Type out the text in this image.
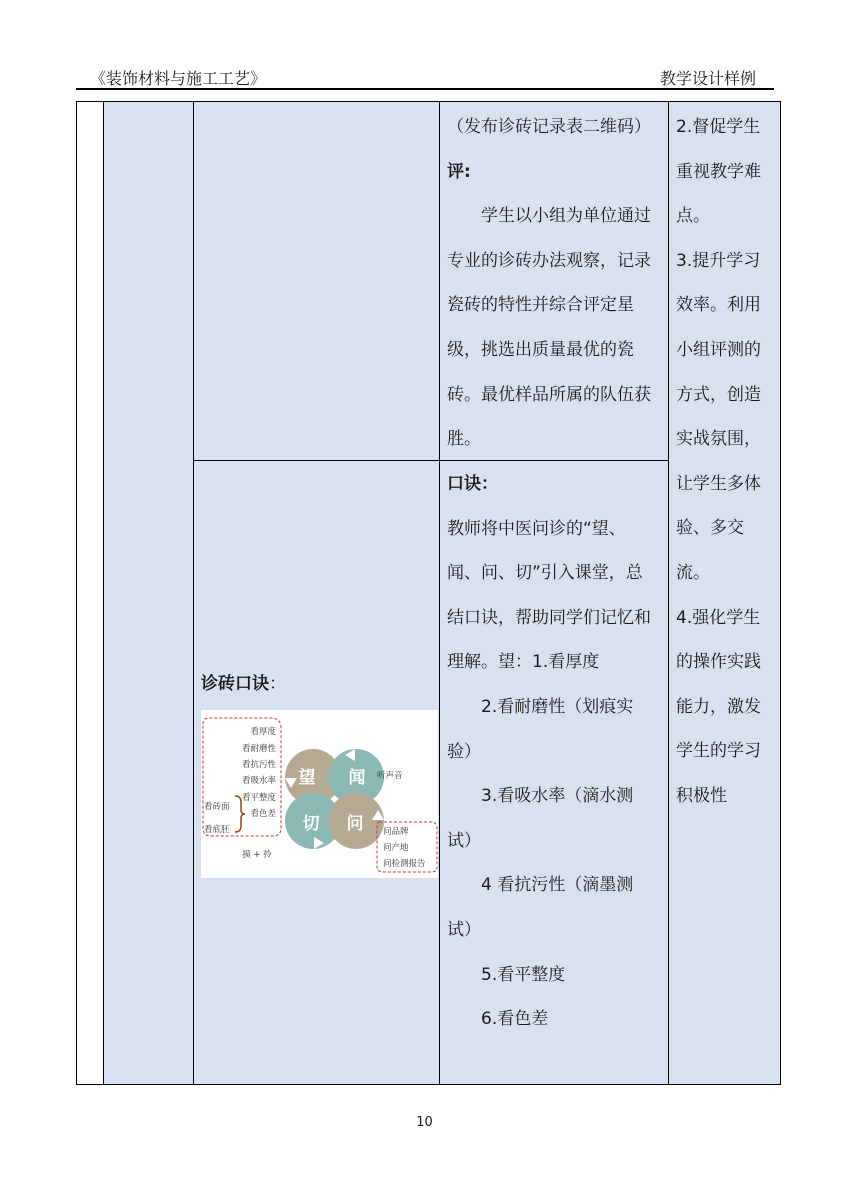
《装饰材料与施工工艺》	教学设计样例
（发布诊砖记录表二维码）
评:
学生以小组为单位通过
专业的诊砖办法观察，记录
瓷砖的特性并综合评定星
级，挑选出质量最优的瓷
砖。最优样品所属的队伍获
胜。
2.督促学生
重视教学难
点。
3.提升学习
效率。利用
小组评测的
方式，创造
实战氛围，
让学生多体
验、多交
流。
4.强化学生
的操作实践
能力，激发
学生的学习
积极性
口诀：
教师将中医问诊的“望、
闻、问、切”引入课堂，总
结口诀，帮助同学们记忆和
理解。望：1.看厚度
2.看耐磨性（划痕实
验）
3.看吸水率（滴水测
试）
4 看抗污性（滴墨测
试）
5.看平整度
6.看色差
诊砖口诀：
看厚度
看耐磨性
看抗污性
看吸水率
看平整度
看色差
看砖面
看底胚
摸 + 拎
望 闻
切 问
听声音
问品牌
问产地
问检测报告
10
